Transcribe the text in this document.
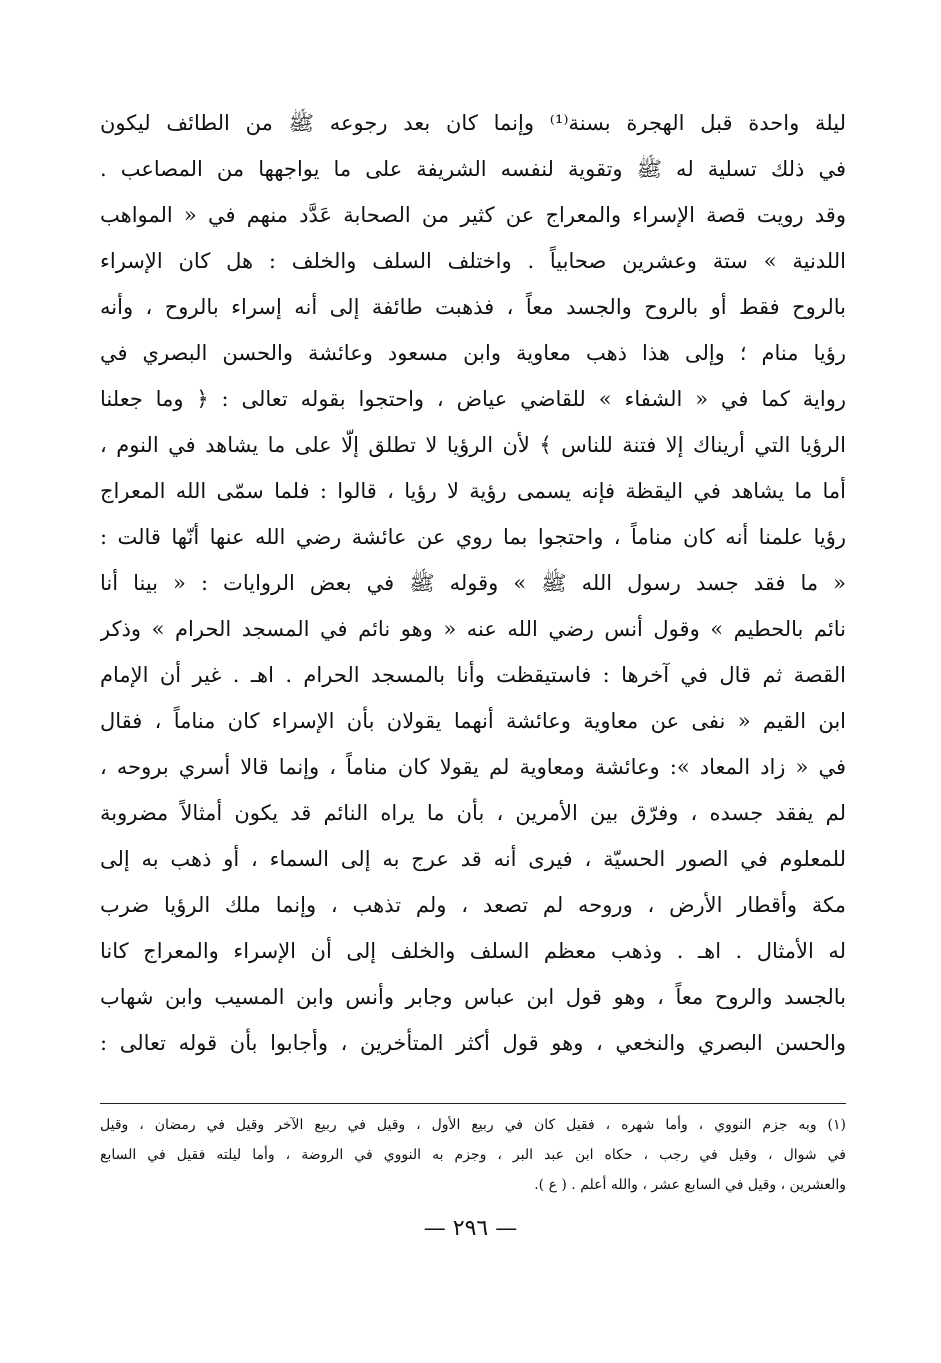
ليلة واحدة قبل الهجرة بسنة⁽¹⁾ وإنما كان بعد رجوعه ﷺ من الطائف ليكون
في ذلك تسلية له ﷺ وتقوية لنفسه الشريفة على ما يواجهها من المصاعب .
وقد رويت قصة الإسراء والمعراج عن كثير من الصحابة عَدَّد منهم في « المواهب
اللدنية » ستة وعشرين صحابياً . واختلف السلف والخلف : هل كان الإسراء
بالروح فقط أو بالروح والجسد معاً ، فذهبت طائفة إلى أنه إسراء بالروح ، وأنه
رؤيا منام ؛ وإلى هذا ذهب معاوية وابن مسعود وعائشة والحسن البصري في
رواية كما في « الشفاء » للقاضي عياض ، واحتجوا بقوله تعالى : ﴿ وما جعلنا
الرؤيا التي أريناك إلا فتنة للناس ﴾ لأن الرؤيا لا تطلق إلّا على ما يشاهد في النوم ،
أما ما يشاهد في اليقظة فإنه يسمى رؤية لا رؤيا ، قالوا : فلما سمّى الله المعراج
رؤيا علمنا أنه كان مناماً ، واحتجوا بما روي عن عائشة رضي الله عنها أنّها قالت :
« ما فقد جسد رسول الله ﷺ » وقوله ﷺ في بعض الروايات : « بينا أنا
نائم بالحطيم » وقول أنس رضي الله عنه « وهو نائم في المسجد الحرام » وذكر
القصة ثم قال في آخرها : فاستيقظت وأنا بالمسجد الحرام . اهـ . غير أن الإمام
ابن القيم « نفى عن معاوية وعائشة أنهما يقولان بأن الإسراء كان مناماً ، فقال
في « زاد المعاد »: وعائشة ومعاوية لم يقولا كان مناماً ، وإنما قالا أسري بروحه ،
لم يفقد جسده ، وفرّق بين الأمرين ، بأن ما يراه النائم قد يكون أمثالاً مضروبة
للمعلوم في الصور الحسيّة ، فيرى أنه قد عرج به إلى السماء ، أو ذهب به إلى
مكة وأقطار الأرض ، وروحه لم تصعد ، ولم تذهب ، وإنما ملك الرؤيا ضرب
له الأمثال . اهـ . وذهب معظم السلف والخلف إلى أن الإسراء والمعراج كانا
بالجسد والروح معاً ، وهو قول ابن عباس وجابر وأنس وابن المسيب وابن شهاب
والحسن البصري والنخعي ، وهو قول أكثر المتأخرين ، وأجابوا بأن قوله تعالى :
(١) وبه جزم النووي ، وأما شهره ، فقيل كان في ربيع الأول ، وقيل في ربيع الآخر وقيل في رمضان ، وقيل
في شوال ، وقيل في رجب ، حكاه ابن عبد البر ، وجزم به النووي في الروضة ، وأما ليلته فقيل في السابع
والعشرين ، وقيل في السابع عشر ، والله أعلم . ( ع ).
— ٢٩٦ —
